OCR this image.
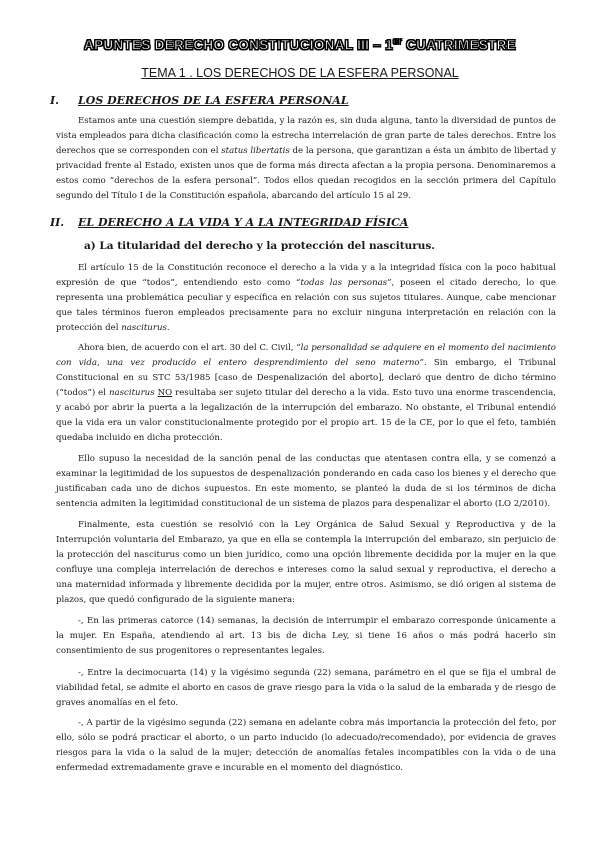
APUNTES DERECHO CONSTITUCIONAL III – 1er CUATRIMESTRE
TEMA 1 . LOS DERECHOS DE LA ESFERA PERSONAL
I. LOS DERECHOS DE LA ESFERA PERSONAL

Estamos ante una cuestión siempre debatida, y la razón es, sin duda alguna, tanto la diversidad de puntos de vista empleados para dicha clasificación como la estrecha interrelación de gran parte de tales derechos. Entre los derechos que se corresponden con el status libertatis de la persona, que garantizan a ésta un ámbito de libertad y privacidad frente al Estado, existen unos que de forma más directa afectan a la propia persona. Denominaremos a estos como “derechos de la esfera personal”. Todos ellos quedan recogidos en la sección primera del Capítulo segundo del Título I de la Constitución española, abarcando del artículo 15 al 29.

II. EL DERECHO A LA VIDA Y A LA INTEGRIDAD FÍSICA
a) La titularidad del derecho y la protección del nasciturus.

El artículo 15 de la Constitución reconoce el derecho a la vida y a la integridad física con la poco habitual expresión de que “todos”, entendiendo esto como “todas las personas”, poseen el citado derecho, lo que representa una problemática peculiar y específica en relación con sus sujetos titulares. Aunque, cabe mencionar que tales términos fueron empleados precisamente para no excluir ninguna interpretación en relación con la protección del nasciturus.

Ahora bien, de acuerdo con el art. 30 del C. Civil, “la personalidad se adquiere en el momento del nacimiento con vida, una vez producido el entero desprendimiento del seno materno”. Sin embargo, el Tribunal Constitucional en su STC 53/1985 [caso de Despenalización del aborto], declaró que dentro de dicho término (“todos”) el nasciturus NO resultaba ser sujeto titular del derecho a la vida. Esto tuvo una enorme trascendencia, y acabó por abrir la puerta a la legalización de la interrupción del embarazo. No obstante, el Tribunal entendió que la vida era un valor constitucionalmente protegido por el propio art. 15 de la CE, por lo que el feto, también quedaba incluido en dicha protección.

Ello supuso la necesidad de la sanción penal de las conductas que atentasen contra ella, y se comenzó a examinar la legitimidad de los supuestos de despenalización ponderando en cada caso los bienes y el derecho que justificaban cada uno de dichos supuestos. En este momento, se planteó la duda de si los términos de dicha sentencia admiten la legitimidad constitucional de un sistema de plazos para despenalizar el aborto (LO 2/2010).

Finalmente, esta cuestión se resolvió con la Ley Orgánica de Salud Sexual y Reproductiva y de la Interrupción voluntaria del Embarazo, ya que en ella se contempla la interrupción del embarazo, sin perjuicio de la protección del nasciturus como un bien jurídico, como una opción libremente decidida por la mujer en la que confluye una compleja interrelación de derechos e intereses como la salud sexual y reproductiva, el derecho a una maternidad informada y libremente decidida por la mujer, entre otros. Asimismo, se dió origen al sistema de plazos, que quedó configurado de la siguiente manera:

-, En las primeras catorce (14) semanas, la decisión de interrumpir el embarazo corresponde únicamente a la mujer. En España, atendiendo al art. 13 bis de dicha Ley, si tiene 16 años o más podrá hacerlo sin consentimiento de sus progenitores o representantes legales.

-, Entre la decimocuarta (14) y la vigésimo segunda (22) semana, parámetro en el que se fija el umbral de viabilidad fetal, se admite el aborto en casos de grave riesgo para la vida o la salud de la embarada y de riesgo de graves anomalías en el feto.

-, A partir de la vigésimo segunda (22) semana en adelante cobra más importancia la protección del feto, por ello, sólo se podrá practicar el aborto, o un parto inducido (lo adecuado/recomendado), por evidencia de graves riesgos para la vida o la salud de la mujer; detección de anomalías fetales incompatibles con la vida o de una enfermedad extremadamente grave e incurable en el momento del diagnóstico.
